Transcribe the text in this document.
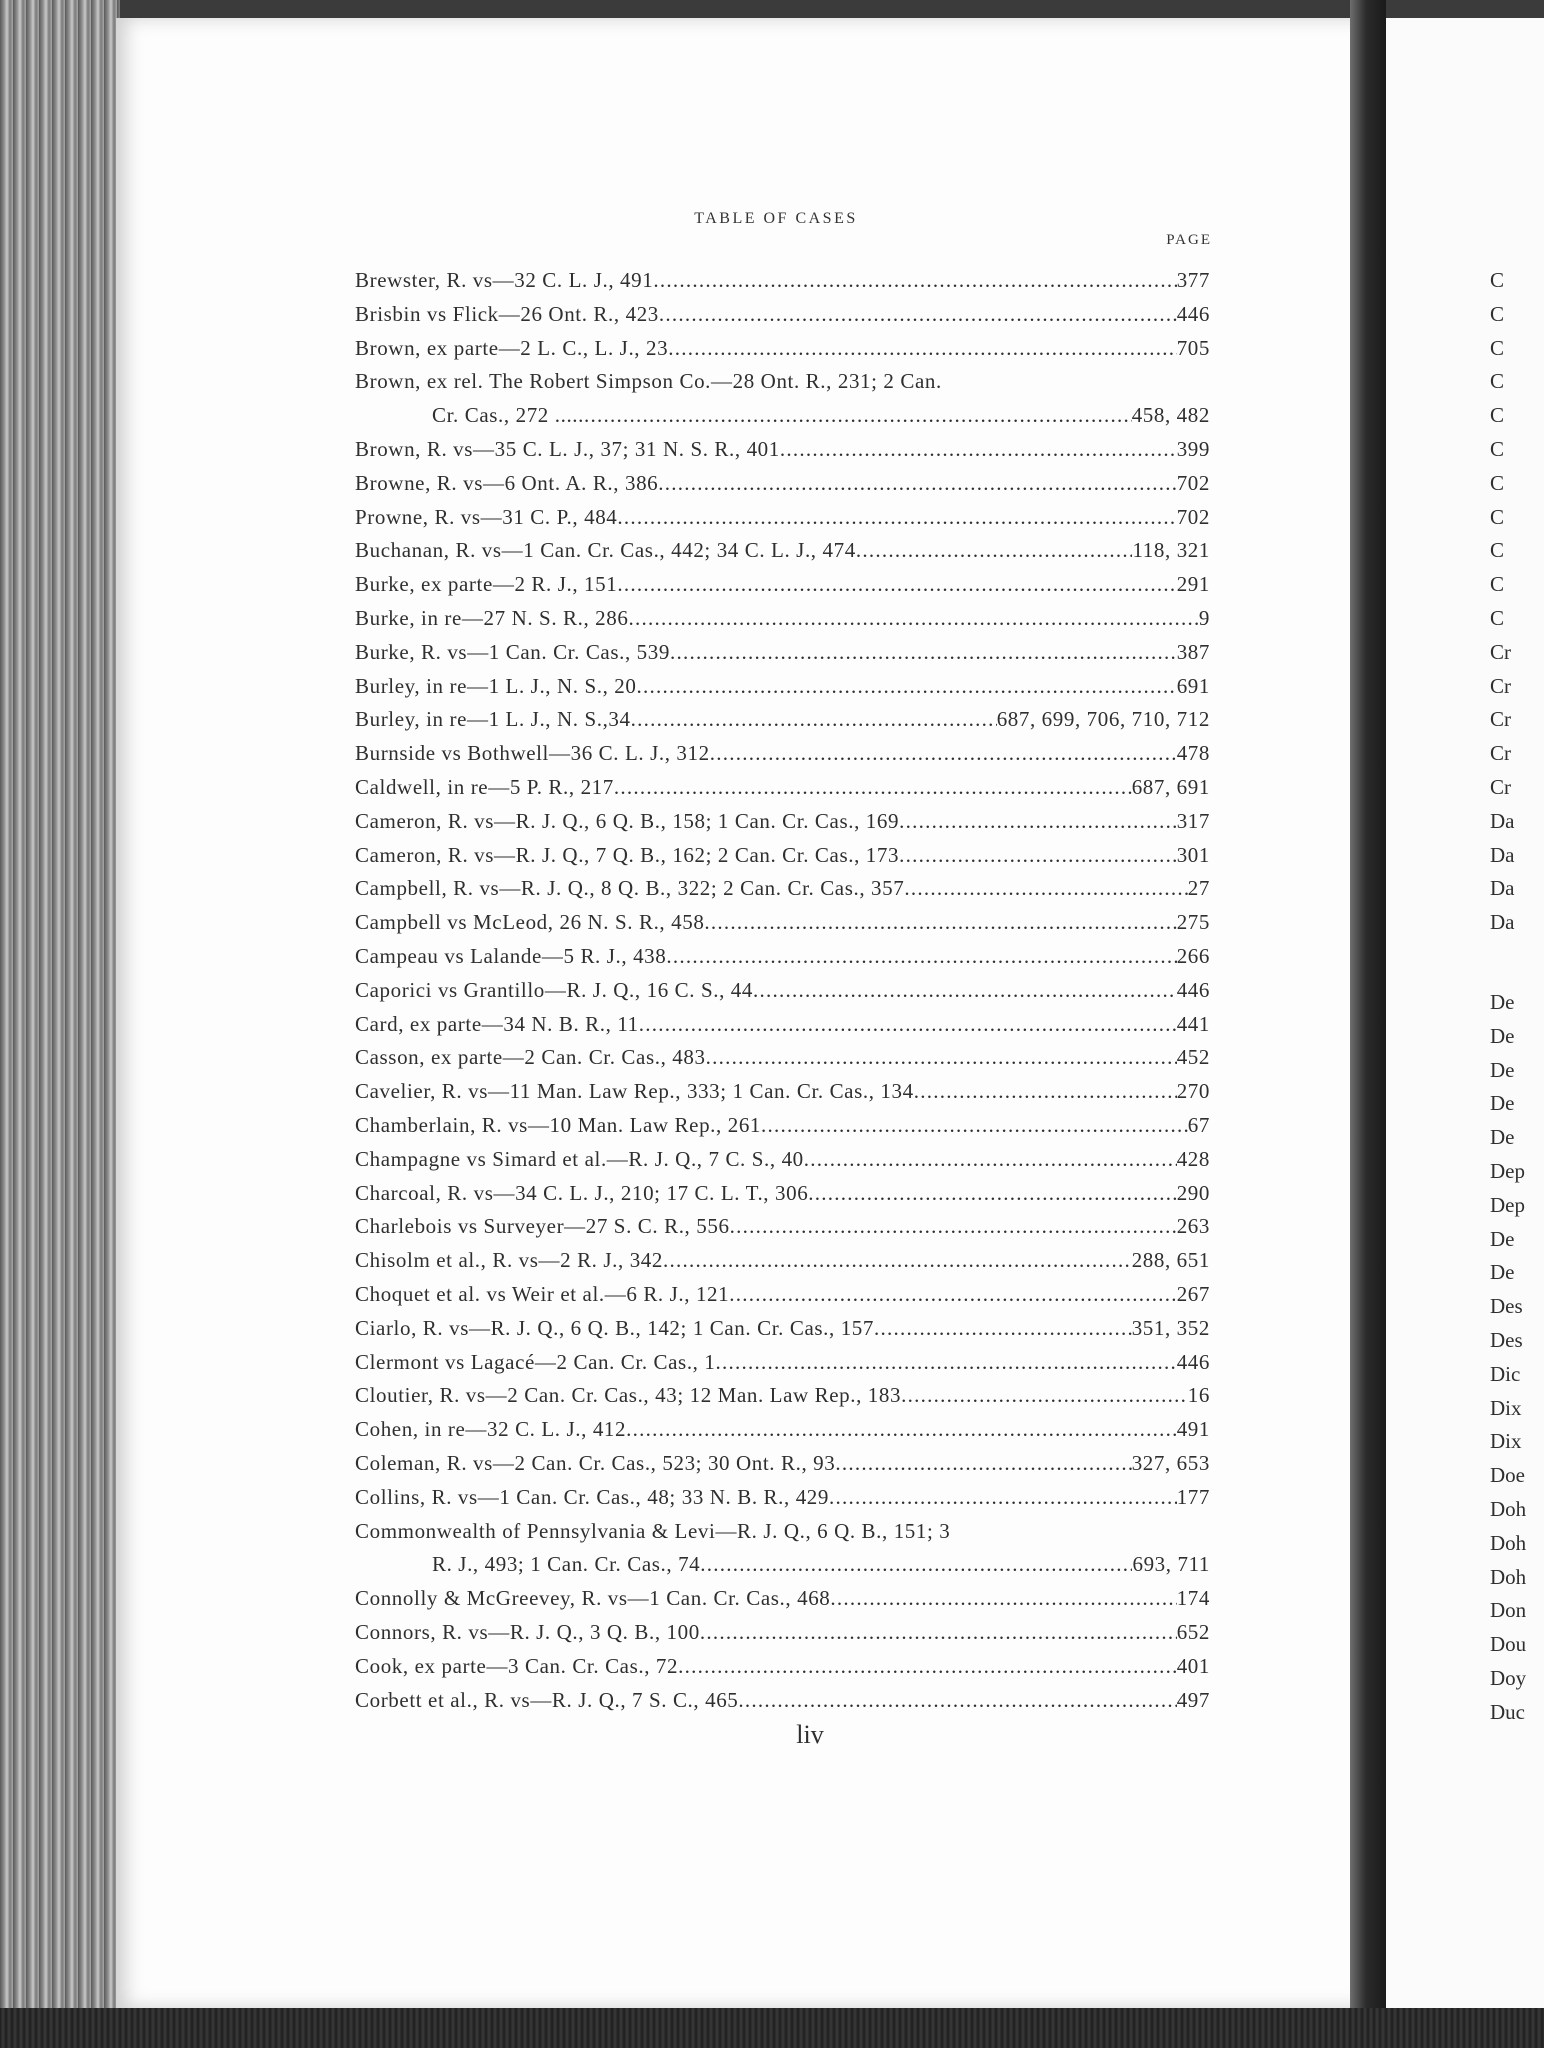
TABLE OF CASES
PAGE
Brewster, R. vs—32 C. L. J., 491 . . .	377
Brisbin vs Flick—26 Ont. R., 423 . . .	446
Brown, ex parte—2 L. C., L. J., 23 . . .	705
Brown, ex rel. The Robert Simpson Co.—28 Ont. R., 231; 2 Can.
Cr. Cas., 272 ..... . . .	458, 482
Brown, R. vs—35 C. L. J., 37; 31 N. S. R., 401 . . .	399
Browne, R. vs—6 Ont. A. R., 386 . . .	702
Prowne, R. vs—31 C. P., 484 . . .	702
Buchanan, R. vs—1 Can. Cr. Cas., 442; 34 C. L. J., 474 . . .	118, 321
Burke, ex parte—2 R. J., 151 . . .	291
Burke, in re—27 N. S. R., 286 . . .	9
Burke, R. vs—1 Can. Cr. Cas., 539 . . .	387
Burley, in re—1 L. J., N. S., 20 . . .	691
Burley, in re—1 L. J., N. S.,34 . . .	687, 699, 706, 710, 712
Burnside vs Bothwell—36 C. L. J., 312 . . .	478
Caldwell, in re—5 P. R., 217 . . .	687, 691
Cameron, R. vs—R. J. Q., 6 Q. B., 158; 1 Can. Cr. Cas., 169 . . .	317
Cameron, R. vs—R. J. Q., 7 Q. B., 162; 2 Can. Cr. Cas., 173 . . .	301
Campbell, R. vs—R. J. Q., 8 Q. B., 322; 2 Can. Cr. Cas., 357 . . .	27
Campbell vs McLeod, 26 N. S. R., 458 . . .	275
Campeau vs Lalande—5 R. J., 438 . . .	266
Caporici vs Grantillo—R. J. Q., 16 C. S., 44 . . .	446
Card, ex parte—34 N. B. R., 11 . . .	441
Casson, ex parte—2 Can. Cr. Cas., 483 . . .	452
Cavelier, R. vs—11 Man. Law Rep., 333; 1 Can. Cr. Cas., 134 . . .	270
Chamberlain, R. vs—10 Man. Law Rep., 261 . . .	67
Champagne vs Simard et al.—R. J. Q., 7 C. S., 40 . . .	428
Charcoal, R. vs—34 C. L. J., 210; 17 C. L. T., 306 . . .	290
Charlebois vs Surveyer—27 S. C. R., 556 . . .	263
Chisolm et al., R. vs—2 R. J., 342 . . .	288, 651
Choquet et al. vs Weir et al.—6 R. J., 121 . . .	267
Ciarlo, R. vs—R. J. Q., 6 Q. B., 142; 1 Can. Cr. Cas., 157 . . .	351, 352
Clermont vs Lagacé—2 Can. Cr. Cas., 1 . . .	446
Cloutier, R. vs—2 Can. Cr. Cas., 43; 12 Man. Law Rep., 183 . . .	16
Cohen, in re—32 C. L. J., 412 . . .	491
Coleman, R. vs—2 Can. Cr. Cas., 523; 30 Ont. R., 93 . . .	327, 653
Collins, R. vs—1 Can. Cr. Cas., 48; 33 N. B. R., 429 . . .	177
Commonwealth of Pennsylvania & Levi—R. J. Q., 6 Q. B., 151; 3
R. J., 493; 1 Can. Cr. Cas., 74 . . .	693, 711
Connolly & McGreevey, R. vs—1 Can. Cr. Cas., 468 . . .	174
Connors, R. vs—R. J. Q., 3 Q. B., 100 . . .	652
Cook, ex parte—3 Can. Cr. Cas., 72 . . .	401
Corbett et al., R. vs—R. J. Q., 7 S. C., 465 . . .	497
liv
C
C
C
C
C
C
C
C
C
C
C
Cr
Cr
Cr
Cr
Cr
Da
Da
Da
Da
De
De
De
De
De
Dep
Dep
De
De
Des
Des
Dic
Dix
Dix
Doe
Doh
Doh
Doh
Don
Dou
Doy
Duc
